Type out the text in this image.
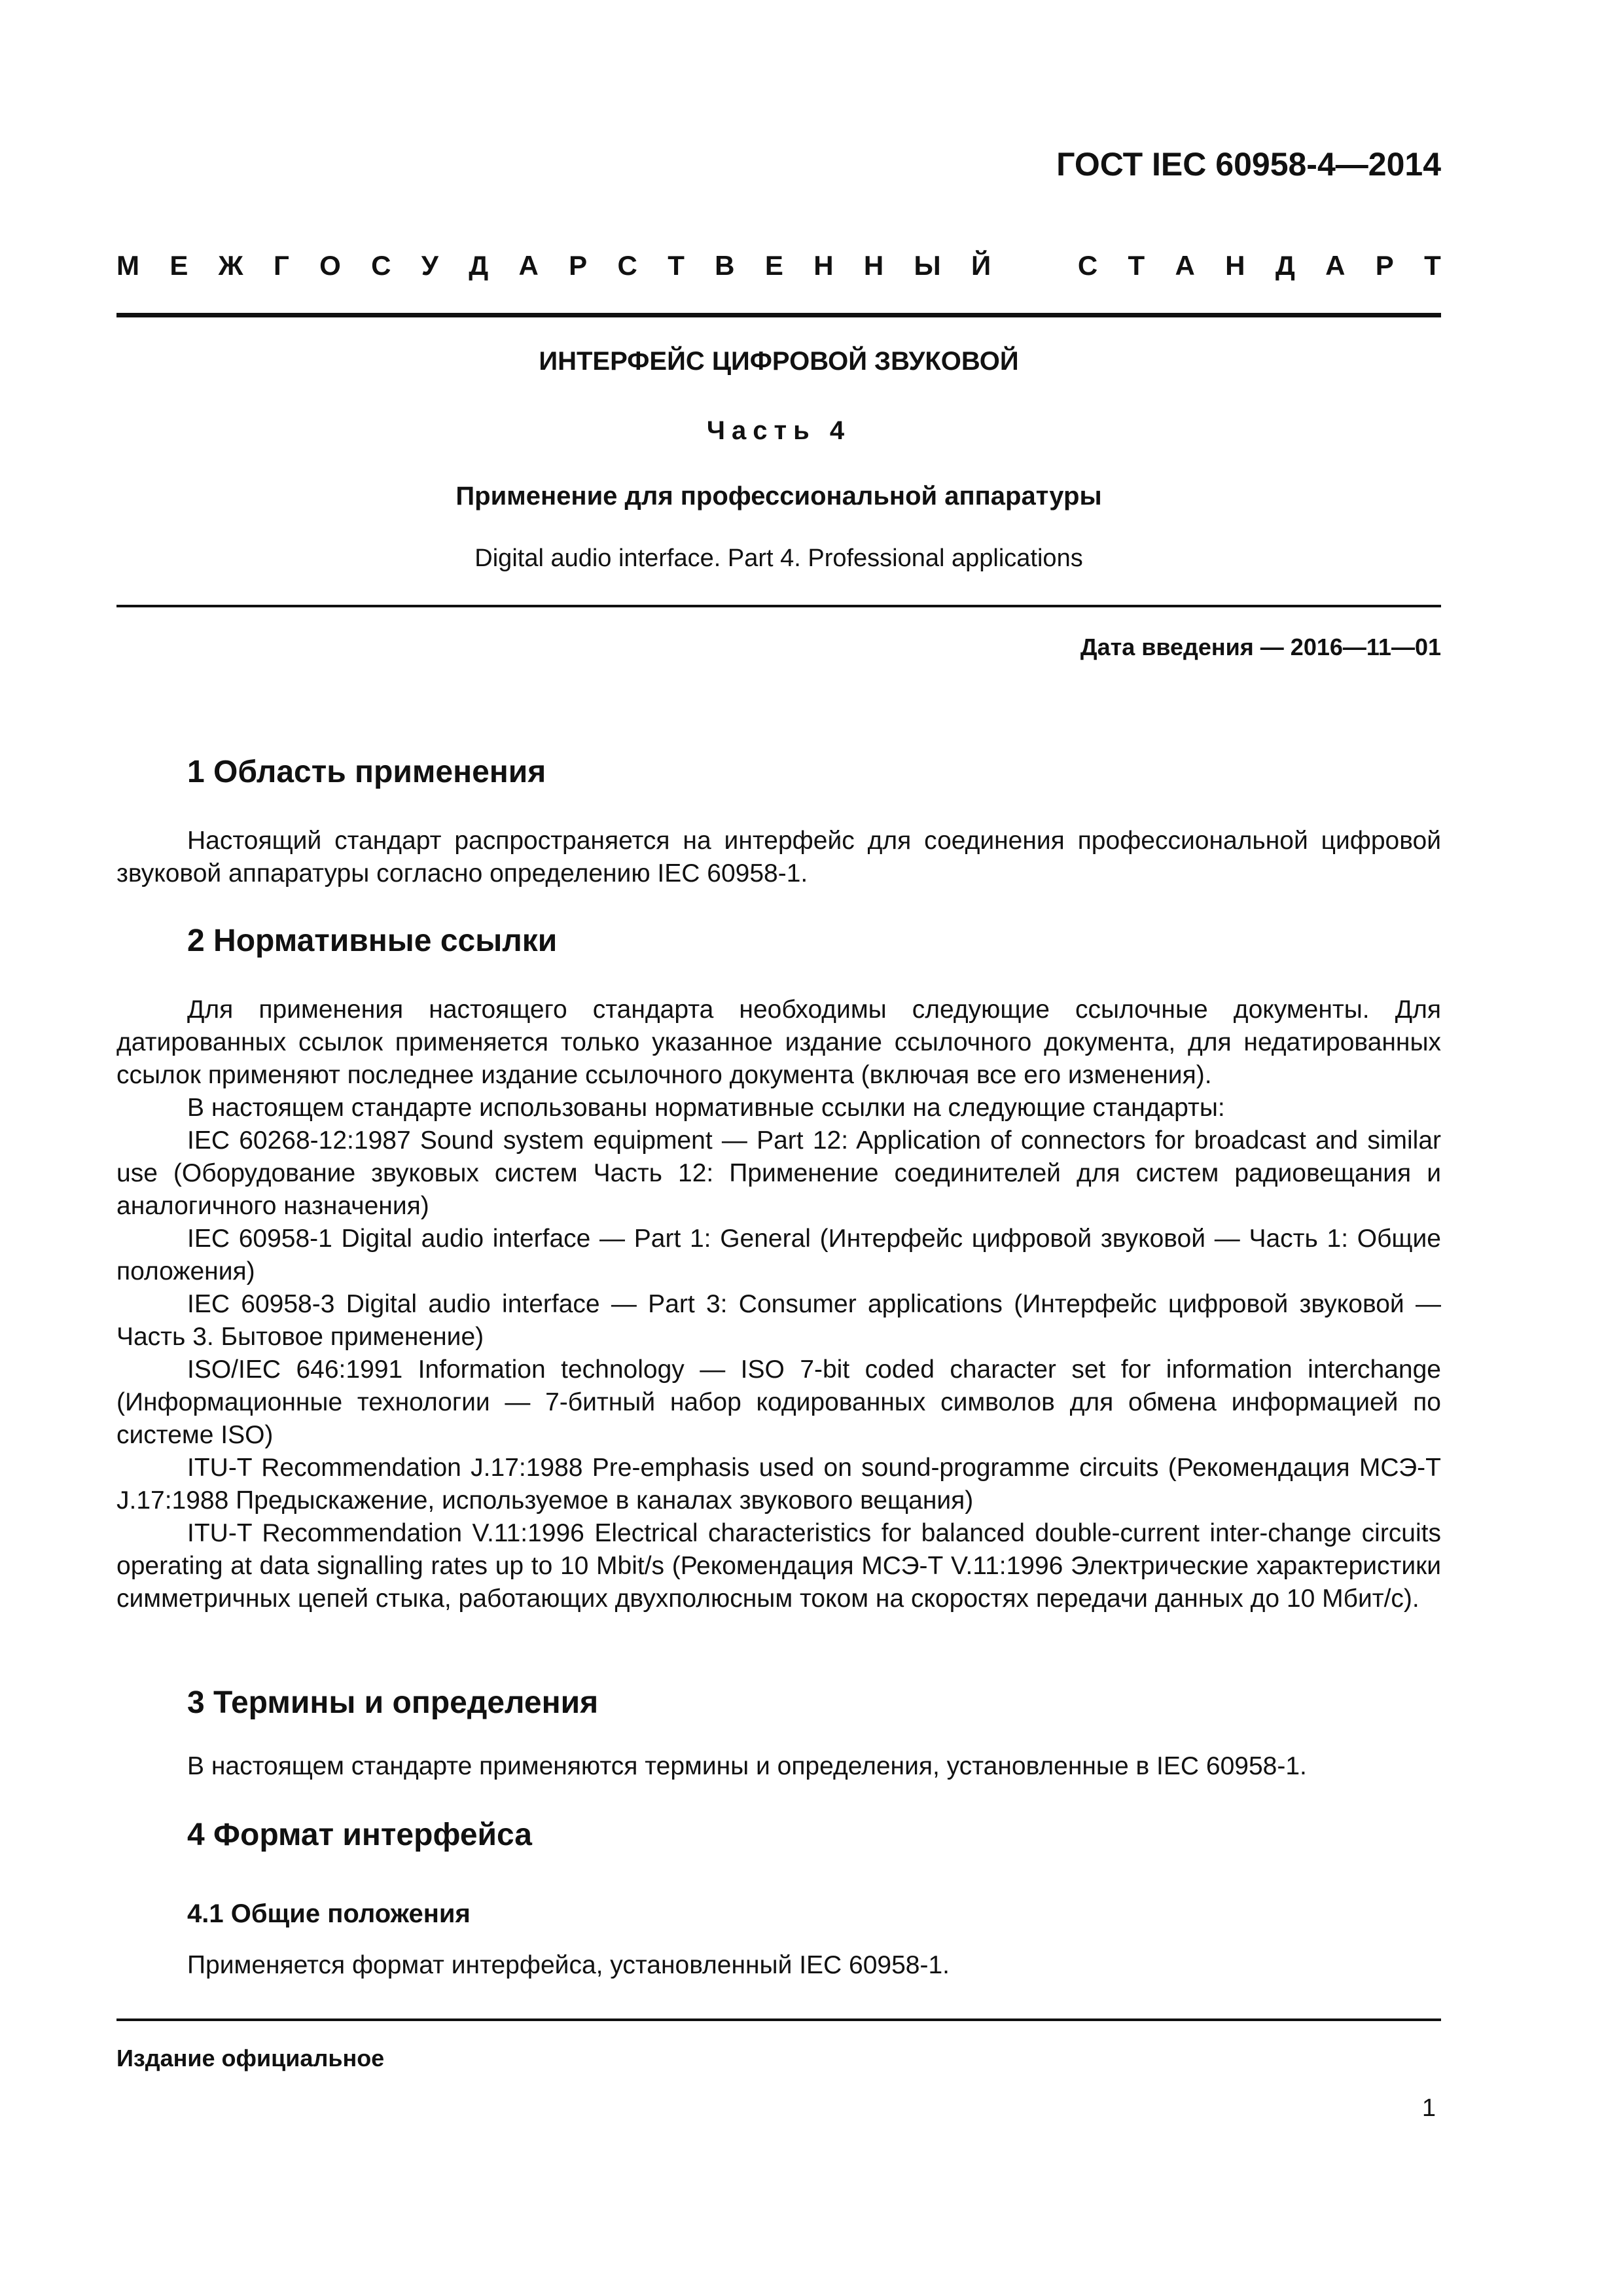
ГОСТ IEC 60958-4—2014
М Е Ж Г О С У Д А Р С Т В Е Н Н Ы Й	С Т А Н Д А Р Т
ИНТЕРФЕЙС ЦИФРОВОЙ ЗВУКОВОЙ
Часть 4
Применение для профессиональной аппаратуры
Digital audio interface. Part 4. Professional applications
Дата введения — 2016—11—01
1 Область применения
Настоящий стандарт распространяется на интерфейс для соединения профессиональной цифровой звуковой аппаратуры согласно определению IEC 60958-1.
2 Нормативные ссылки
Для применения настоящего стандарта необходимы следующие ссылочные документы. Для датированных ссылок применяется только указанное издание ссылочного документа, для недатированных ссылок применяют последнее издание ссылочного документа (включая все его изменения).
В настоящем стандарте использованы нормативные ссылки на следующие стандарты:
IEC 60268-12:1987 Sound system equipment — Part 12: Application of connectors for broadcast and similar use (Оборудование звуковых систем Часть 12: Применение соединителей для систем радиовещания и аналогичного назначения)
IEC 60958-1 Digital audio interface — Part 1: General (Интерфейс цифровой звуковой — Часть 1: Общие положения)
IEC 60958-3 Digital audio interface — Part 3: Consumer applications (Интерфейс цифровой звуковой — Часть 3. Бытовое применение)
ISO/IEC 646:1991 Information technology — ISO 7-bit coded character set for information interchange (Информационные технологии — 7-битный набор кодированных символов для обмена информацией по системе ISO)
ITU-T Recommendation J.17:1988 Pre-emphasis used on sound-programme circuits (Рекомендация МСЭ-Т J.17:1988 Предыскажение, используемое в каналах звукового вещания)
ITU-T Recommendation V.11:1996 Electrical characteristics for balanced double-current inter-change circuits operating at data signalling rates up to 10 Mbit/s (Рекомендация МСЭ-Т V.11:1996 Электрические характеристики симметричных цепей стыка, работающих двухполюсным током на скоростях передачи данных до 10 Мбит/с).
3 Термины и определения
В настоящем стандарте применяются термины и определения, установленные в IEC 60958-1.
4 Формат интерфейса
4.1 Общие положения
Применяется формат интерфейса, установленный IEC 60958-1.
Издание официальное
1
